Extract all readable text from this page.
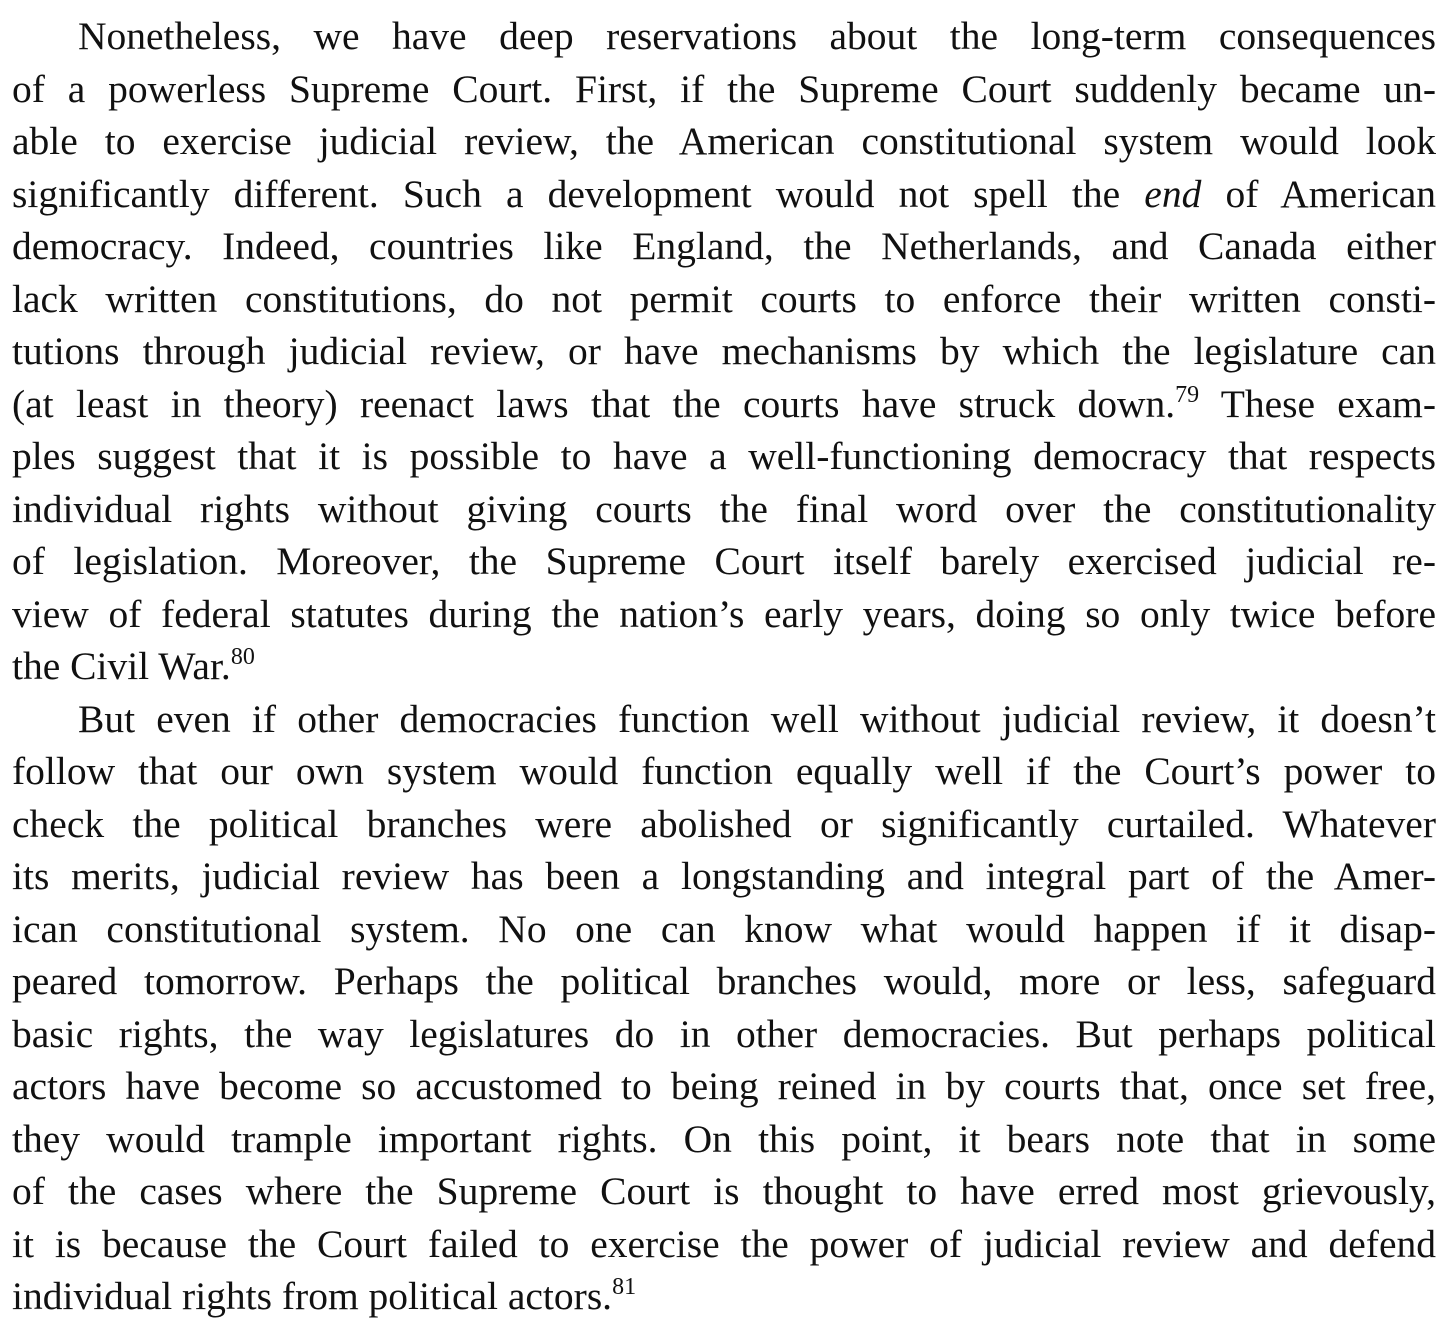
Nonetheless, we have deep reservations about the long-term consequences
of a powerless Supreme Court. First, if the Supreme Court suddenly became un-
able to exercise judicial review, the American constitutional system would look
significantly different. Such a development would not spell the end of American
democracy. Indeed, countries like England, the Netherlands, and Canada either
lack written constitutions, do not permit courts to enforce their written consti-
tutions through judicial review, or have mechanisms by which the legislature can
(at least in theory) reenact laws that the courts have struck down.$^{79}$ These exam-
ples suggest that it is possible to have a well-functioning democracy that respects
individual rights without giving courts the final word over the constitutionality
of legislation. Moreover, the Supreme Court itself barely exercised judicial re-
view of federal statutes during the nation’s early years, doing so only twice before
the Civil War.$^{80}$
But even if other democracies function well without judicial review, it doesn’t
follow that our own system would function equally well if the Court’s power to
check the political branches were abolished or significantly curtailed. Whatever
its merits, judicial review has been a longstanding and integral part of the Amer-
ican constitutional system. No one can know what would happen if it disap-
peared tomorrow. Perhaps the political branches would, more or less, safeguard
basic rights, the way legislatures do in other democracies. But perhaps political
actors have become so accustomed to being reined in by courts that, once set free,
they would trample important rights. On this point, it bears note that in some
of the cases where the Supreme Court is thought to have erred most grievously,
it is because the Court failed to exercise the power of judicial review and defend
individual rights from political actors.$^{81}$
